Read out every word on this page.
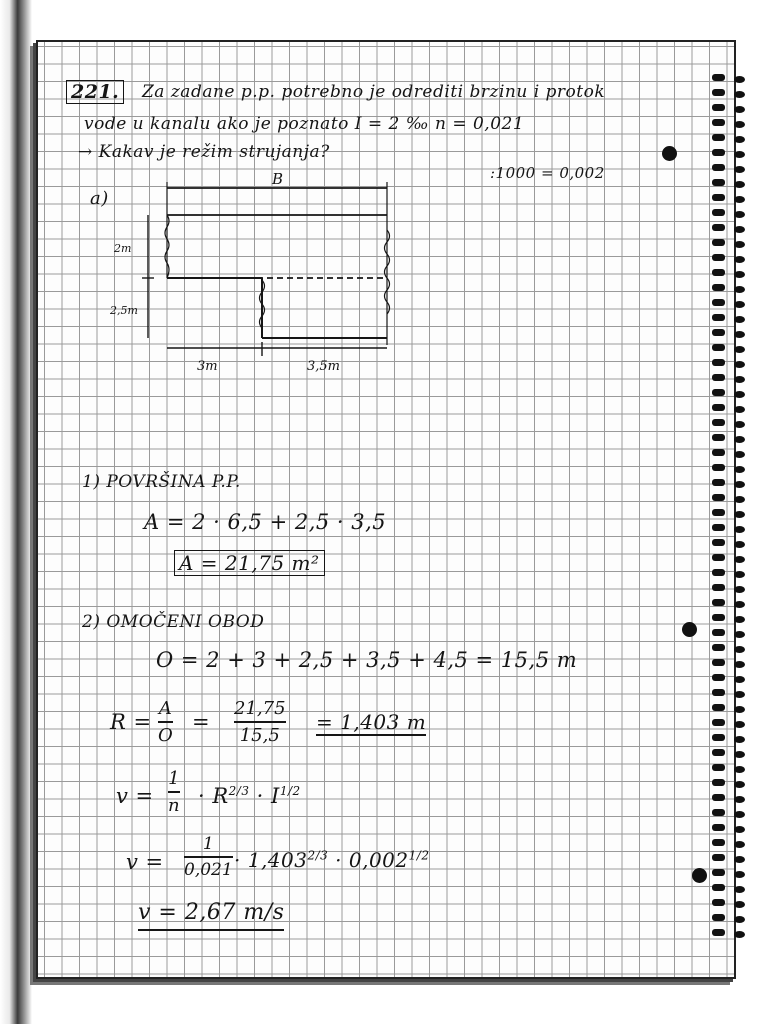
221. Za zadane p.p. potrebno je odrediti brzinu i protok
vode u kanalu ako je poznato I = 2 ‰ n = 0,021
→ Kakav je režim strujanja?
:1000 = 0,002
a)
1) POVRŠINA P.P.
A = 2 · 6,5 + 2,5 · 3,5
A = 21,75 m²
2) OMOČENI OBOD
O = 2 + 3 + 2,5 + 3,5 + 4,5 = 15,5 m
R =
A
O
=
21,75
15,5
= 1,403 m
v =
1
$n \cdot R^{2/3} \cdot I^{1/2}$
v =
1
$0,021 \cdot 1,403^{2/3} \cdot 0,002^{1/2}$
v = 2,67 m/s
B
2m
2,5m
3m	3,5m
